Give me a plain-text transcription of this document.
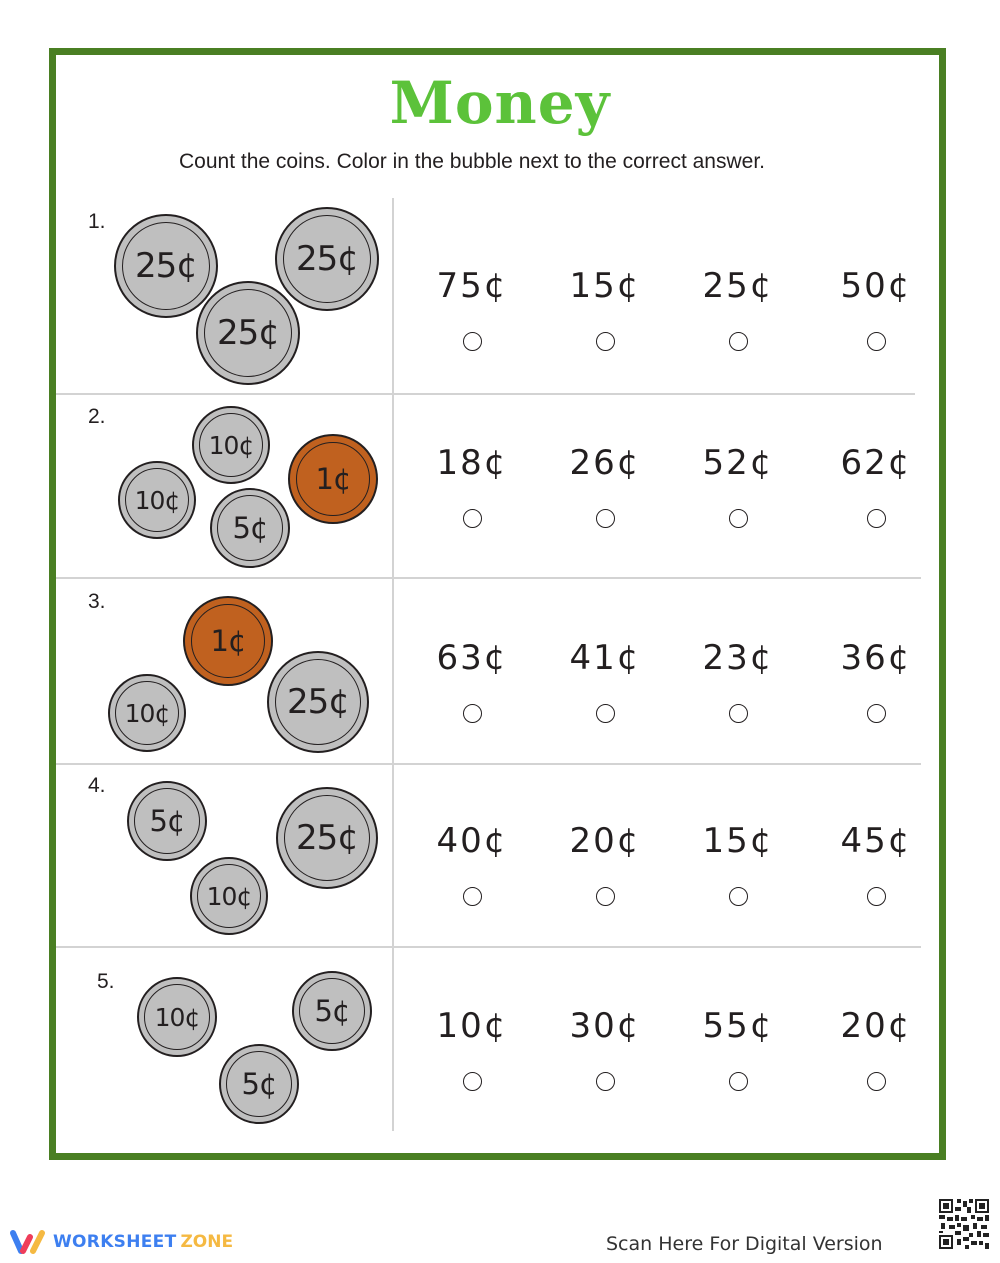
Money
Count the coins. Color in the bubble next to the correct answer.
1.
25¢	25¢
25¢
75¢	15¢	25¢	50¢
2.
10¢
10¢
5¢
1¢	18¢	26¢	52¢	62¢
3.
1¢
10¢	25¢
63¢	41¢	23¢	36¢
4.
5¢	25¢
10¢
40¢	20¢	15¢	45¢
5.
10¢	5¢
5¢
10¢	30¢	55¢	20¢
WORKSHEET ZONE	Scan Here For Digital Version
